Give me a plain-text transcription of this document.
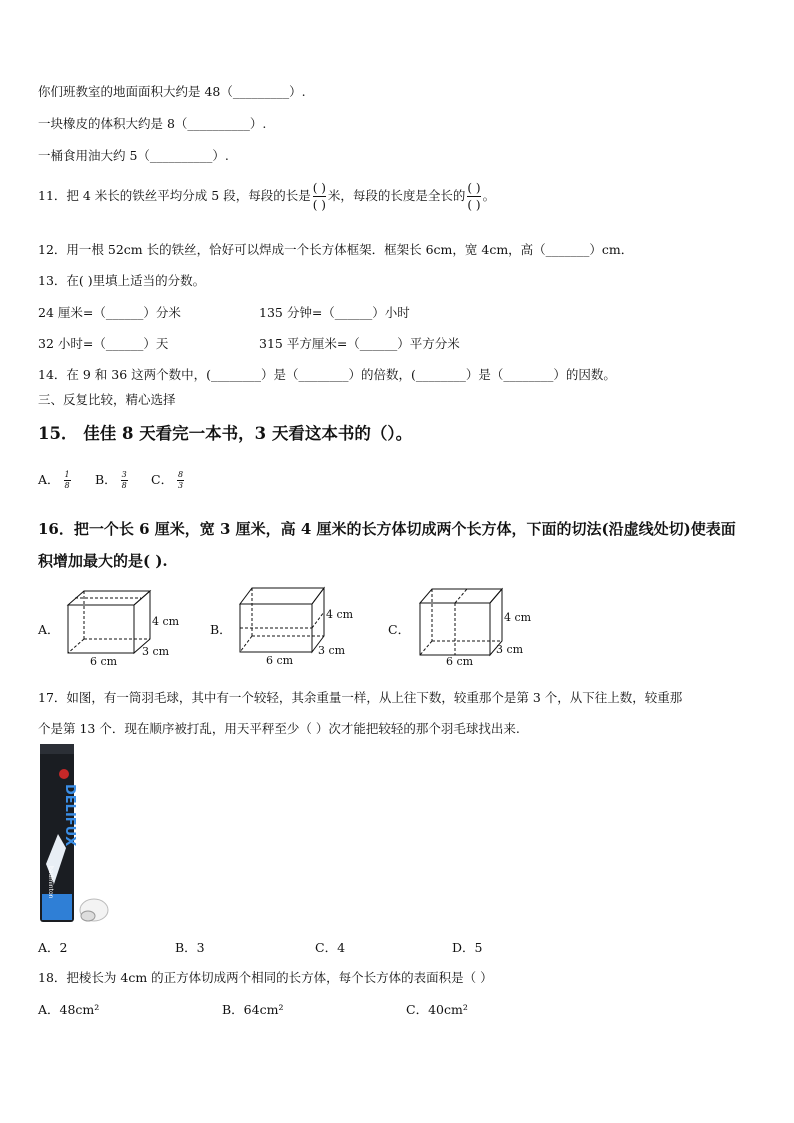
你们班教室的地面面积大约是 48（_________）.
一块橡皮的体积大约是 8（__________）.
一桶食用油大约 5（__________）.
11．把 4 米长的铁丝平均分成 5 段，每段的长是 $\frac{( )}{( )}$ 米，每段的长度是全长的 $\frac{( )}{( )}$ 。
12．用一根 52cm 长的铁丝，恰好可以焊成一个长方体框架．框架长 6cm，宽 4cm，高（_______）cm．
13．在( )里填上适当的分数。
24 厘米=（______）分米	135 分钟=（______）小时
32 小时=（______）天	315 平方厘米=（______）平方分米
14．在 9 和 36 这两个数中，(________）是（________）的倍数，(________）是（________）的因数。
三、反复比较，精心选择
15． 佳佳 8 天看完一本书，3 天看这本书的（）。
A． $\frac{1}{8}$ B． $\frac{3}{8}$ C． $\frac{8}{3}$
16．把一个长 6 厘米，宽 3 厘米，高 4 厘米的长方体切成两个长方体，下面的切法(沿虚线处切)使表面
积增加最大的是( ).
A．	B．	C．
4 cm
3 cm
6 cm
4 cm
3 cm
6 cm
4 cm
3 cm
6 cm
17．如图，有一筒羽毛球，其中有一个较轻，其余重量一样，从上往下数，较重那个是第 3 个，从下往上数，较重那
个是第 13 个．现在顺序被打乱，用天平秤至少（ ）次才能把较轻的那个羽毛球找出来.
DELIFUX
badminton
A．2	B．3	C．4	D．5
18．把棱长为 4cm 的正方体切成两个相同的长方体，每个长方体的表面积是（ ）
A．48cm²	B．64cm²	C．40cm²
